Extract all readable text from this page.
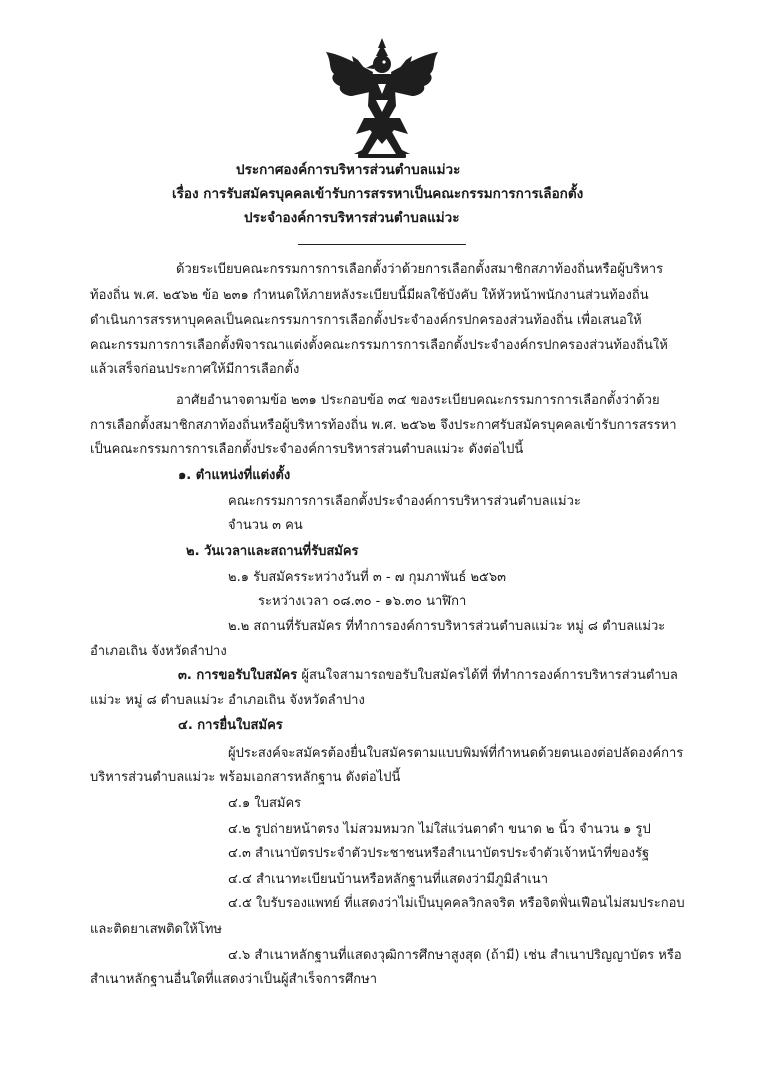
ประกาศองค์การบริหารส่วนตำบลแม่วะ
เรื่อง การรับสมัครบุคคลเข้ารับการสรรหาเป็นคณะกรรมการการเลือกตั้ง
ประจำองค์การบริหารส่วนตำบลแม่วะ
ด้วยระเบียบคณะกรรมการการเลือกตั้งว่าด้วยการเลือกตั้งสมาชิกสภาท้องถิ่นหรือผู้บริหาร
ท้องถิ่น พ.ศ. ๒๕๖๒ ข้อ ๒๓๑ กำหนดให้ภายหลังระเบียบนี้มีผลใช้บังคับ ให้หัวหน้าพนักงานส่วนท้องถิ่น
ดำเนินการสรรหาบุคคลเป็นคณะกรรมการการเลือกตั้งประจำองค์กรปกครองส่วนท้องถิ่น เพื่อเสนอให้
คณะกรรมการการเลือกตั้งพิจารณาแต่งตั้งคณะกรรมการการเลือกตั้งประจำองค์กรปกครองส่วนท้องถิ่นให้
แล้วเสร็จก่อนประกาศให้มีการเลือกตั้ง
อาศัยอำนาจตามข้อ ๒๓๑ ประกอบข้อ ๓๔ ของระเบียบคณะกรรมการการเลือกตั้งว่าด้วย
การเลือกตั้งสมาชิกสภาท้องถิ่นหรือผู้บริหารท้องถิ่น พ.ศ. ๒๕๖๒ จึงประกาศรับสมัครบุคคลเข้ารับการสรรหา
เป็นคณะกรรมการการเลือกตั้งประจำองค์การบริหารส่วนตำบลแม่วะ ดังต่อไปนี้
๑. ตำแหน่งที่แต่งตั้ง
คณะกรรมการการเลือกตั้งประจำองค์การบริหารส่วนตำบลแม่วะ
จำนวน ๓ คน
๒. วันเวลาและสถานที่รับสมัคร
๒.๑ รับสมัครระหว่างวันที่ ๓ - ๗ กุมภาพันธ์ ๒๕๖๓
ระหว่างเวลา ๐๘.๓๐ - ๑๖.๓๐ นาฬิกา
๒.๒ สถานที่รับสมัคร ที่ทำการองค์การบริหารส่วนตำบลแม่วะ หมู่ ๘ ตำบลแม่วะ
อำเภอเถิน จังหวัดลำปาง
๓. การขอรับใบสมัคร ผู้สนใจสามารถขอรับใบสมัครได้ที่ ที่ทำการองค์การบริหารส่วนตำบล
แม่วะ หมู่ ๘ ตำบลแม่วะ อำเภอเถิน จังหวัดลำปาง
๔. การยื่นใบสมัคร
ผู้ประสงค์จะสมัครต้องยื่นใบสมัครตามแบบพิมพ์ที่กำหนดด้วยตนเองต่อปลัดองค์การ
บริหารส่วนตำบลแม่วะ พร้อมเอกสารหลักฐาน ดังต่อไปนี้
๔.๑ ใบสมัคร
๔.๒ รูปถ่ายหน้าตรง ไม่สวมหมวก ไม่ใส่แว่นตาดำ ขนาด ๒ นิ้ว จำนวน ๑ รูป
๔.๓ สำเนาบัตรประจำตัวประชาชนหรือสำเนาบัตรประจำตัวเจ้าหน้าที่ของรัฐ
๔.๔ สำเนาทะเบียนบ้านหรือหลักฐานที่แสดงว่ามีภูมิลำเนา
๔.๕ ใบรับรองแพทย์ ที่แสดงว่าไม่เป็นบุคคลวิกลจริต หรือจิตฟั่นเฟือนไม่สมประกอบ
และติดยาเสพติดให้โทษ
๔.๖ สำเนาหลักฐานที่แสดงวุฒิการศึกษาสูงสุด (ถ้ามี) เช่น สำเนาปริญญาบัตร หรือ
สำเนาหลักฐานอื่นใดที่แสดงว่าเป็นผู้สำเร็จการศึกษา
